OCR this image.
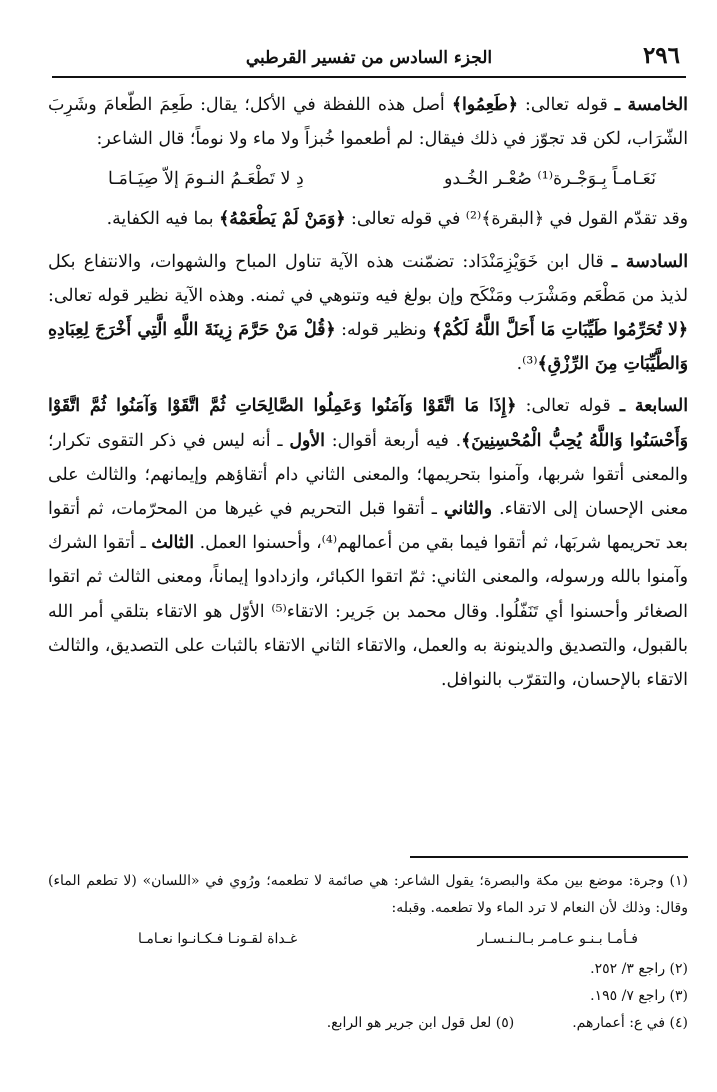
٢٩٦
الجزء السادس من تفسير القرطبي

الخامسة ـ قوله تعالى: ﴿طَعِمُوا﴾ أصل هذه اللفظة في الأكل؛ يقال: طَعِمَ الطّعامَ وشَرِبَ الشّرَاب، لكن قد تجوّز في ذلك فيقال: لم أطعموا خُبزاً ولا ماء ولا نوماً؛ قال الشاعر:

نَعَـامـاً بِـوَجْـرة⁽¹⁾ صُعْـر الخُـدو
دِ لا تَطْعَـمُ النـومَ إلاّ صِيَـامَـا

وقد تقدّم القول في ﴿البقرة﴾⁽²⁾ في قوله تعالى: ﴿وَمَنْ لَمْ يَطْعَمْهُ﴾ بما فيه الكفاية.

السادسة ـ قال ابن خَوَيْزِمَنْدَاد: تضمّنت هذه الآية تناول المباح والشهوات، والانتفاع بكل لذيذ من مَطْعَم ومَشْرَب ومَنْكَح وإن بولغ فيه وتنوهي في ثمنه. وهذه الآية نظير قوله تعالى: ﴿لا تُحَرِّمُوا طَيِّبَاتِ مَا أَحَلَّ اللَّهُ لَكُمْ﴾ ونظير قوله: ﴿قُلْ مَنْ حَرَّمَ زِينَةَ اللَّهِ الَّتِي أَخْرَجَ لِعِبَادِهِ وَالطَّيِّبَاتِ مِنَ الرِّزْقِ﴾⁽³⁾.

السابعة ـ قوله تعالى: ﴿إِذَا مَا اتَّقَوْا وَآمَنُوا وَعَمِلُوا الصَّالِحَاتِ ثُمَّ اتَّقَوْا وَآمَنُوا ثُمَّ اتَّقَوْا وَأَحْسَنُوا وَاللَّهُ يُحِبُّ الْمُحْسِنِينَ﴾. فيه أربعة أقوال: الأول ـ أنه ليس في ذكر التقوى تكرار؛ والمعنى أتقوا شربها، وآمنوا بتحريمها؛ والمعنى الثاني دام أتقاؤهم وإيمانهم؛ والثالث على معنى الإحسان إلى الاتقاء. والثاني ـ أتقوا قبل التحريم في غيرها من المحرّمات، ثم أتقوا بعد تحريمها شربَها، ثم أتقوا فيما بقي من أعمالهم⁽⁴⁾، وأحسنوا العمل. الثالث ـ أتقوا الشرك وآمنوا بالله ورسوله، والمعنى الثاني: ثمّ اتقوا الكبائر، وازدادوا إيماناً، ومعنى الثالث ثم اتقوا الصغائر وأحسنوا أي تَنَفّلُوا. وقال محمد بن جَرير: الاتقاء⁽⁵⁾ الأوّل هو الاتقاء بتلقي أمر الله بالقبول، والتصديق والدينونة به والعمل، والاتقاء الثاني الاتقاء بالثبات على التصديق، والثالث الاتقاء بالإحسان، والتقرّب بالنوافل.

(١) وجرة: موضع بين مكة والبصرة؛ يقول الشاعر: هي صائمة لا تطعمه؛ ورُوي في «اللسان» (لا تطعم الماء) وقال: وذلك لأن النعام لا ترد الماء ولا تطعمه. وقبله:

فـأمـا بـنـو عـامـر بـالـنـسـار
غـداة لقـونـا فـكـانـوا نعـامـا

(٢) راجع ٣/ ٢٥٢.

(٣) راجع ٧/ ١٩٥.

(٤) في ع: أعمارهم.
(٥) لعل قول ابن جرير هو الرابع.
